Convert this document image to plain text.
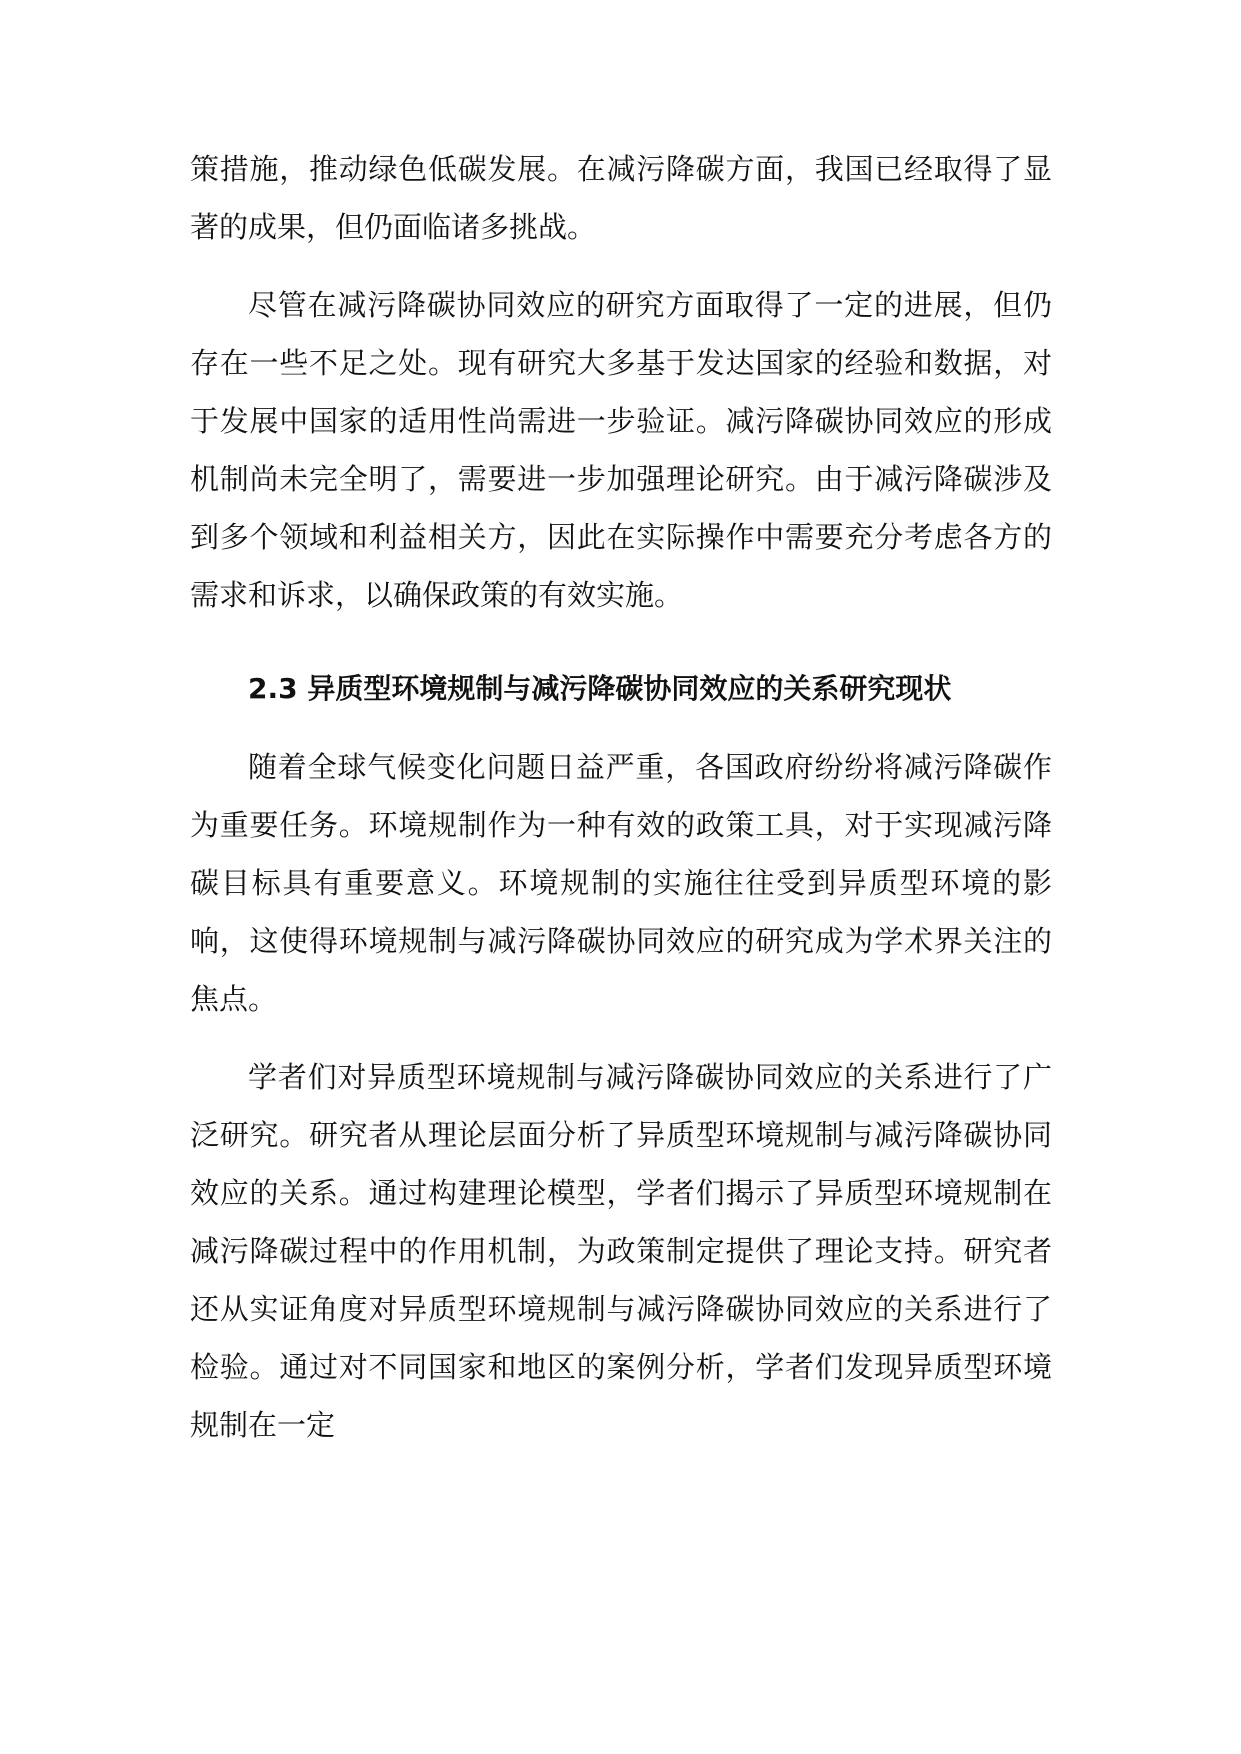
策措施，推动绿色低碳发展。在减污降碳方面，我国已经取得了显著的成果，但仍面临诸多挑战。

尽管在减污降碳协同效应的研究方面取得了一定的进展，但仍存在一些不足之处。现有研究大多基于发达国家的经验和数据，对于发展中国家的适用性尚需进一步验证。减污降碳协同效应的形成机制尚未完全明了，需要进一步加强理论研究。由于减污降碳涉及到多个领域和利益相关方，因此在实际操作中需要充分考虑各方的需求和诉求，以确保政策的有效实施。

2.3 异质型环境规制与减污降碳协同效应的关系研究现状

随着全球气候变化问题日益严重，各国政府纷纷将减污降碳作为重要任务。环境规制作为一种有效的政策工具，对于实现减污降碳目标具有重要意义。环境规制的实施往往受到异质型环境的影响，这使得环境规制与减污降碳协同效应的研究成为学术界关注的焦点。

学者们对异质型环境规制与减污降碳协同效应的关系进行了广泛研究。研究者从理论层面分析了异质型环境规制与减污降碳协同效应的关系。通过构建理论模型，学者们揭示了异质型环境规制在减污降碳过程中的作用机制，为政策制定提供了理论支持。研究者还从实证角度对异质型环境规制与减污降碳协同效应的关系进行了检验。通过对不同国家和地区的案例分析，学者们发现异质型环境规制在一定
